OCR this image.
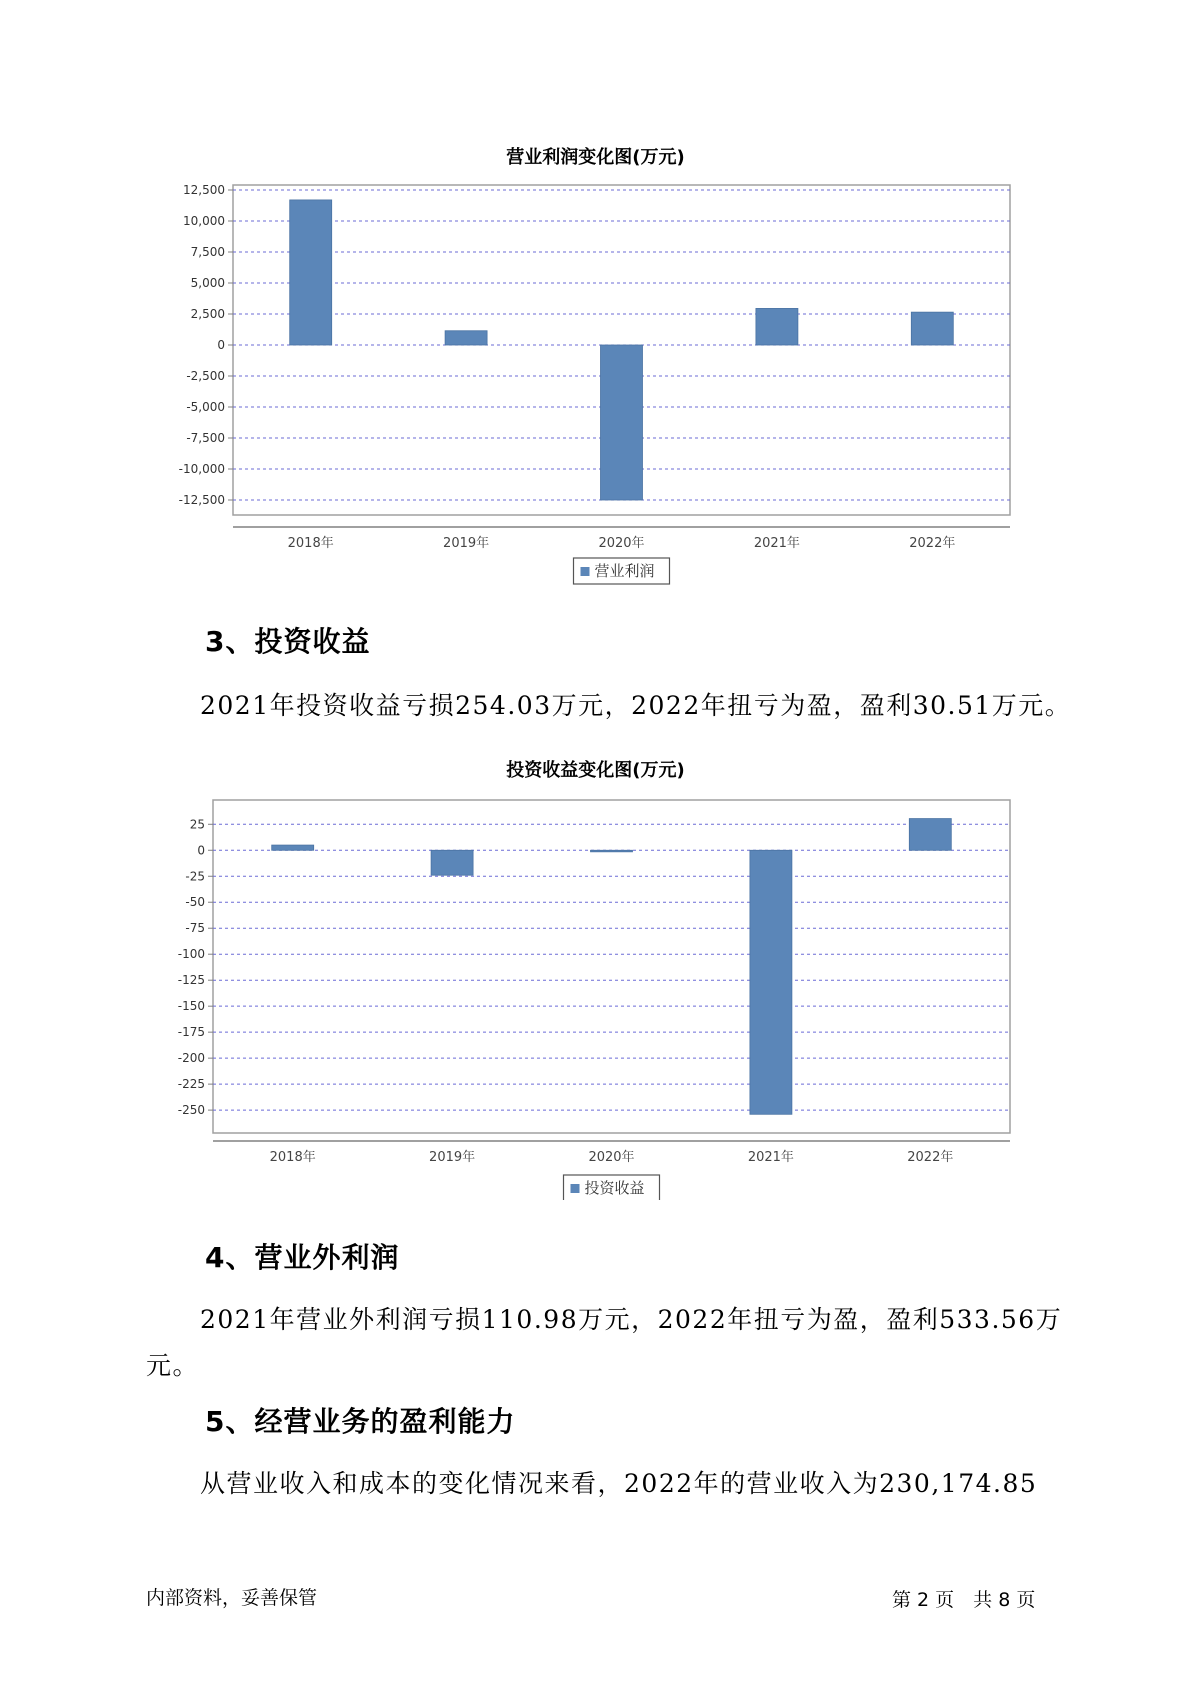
营业利润变化图(万元)
12,500
10,000
7,500
5,000
2,500
0
-2,500
-5,000
-7,500
-10,000
-12,500
2018年	2019年	2020年	2021年	2022年
营业利润
投资收益变化图(万元)
25
0
-25
-50
-75
-100
-125
-150
-175
-200
-225
-250
2018年	2019年	2020年	2021年	2022年
投资收益
3、投资收益
2021年投资收益亏损254.03万元，2022年扭亏为盈，盈利30.51万元。
4、营业外利润
2021年营业外利润亏损110.98万元，2022年扭亏为盈，盈利533.56万
元。
5、经营业务的盈利能力
从营业收入和成本的变化情况来看，2022年的营业收入为230,174.85
内部资料，妥善保管	第 2 页　共 8 页
